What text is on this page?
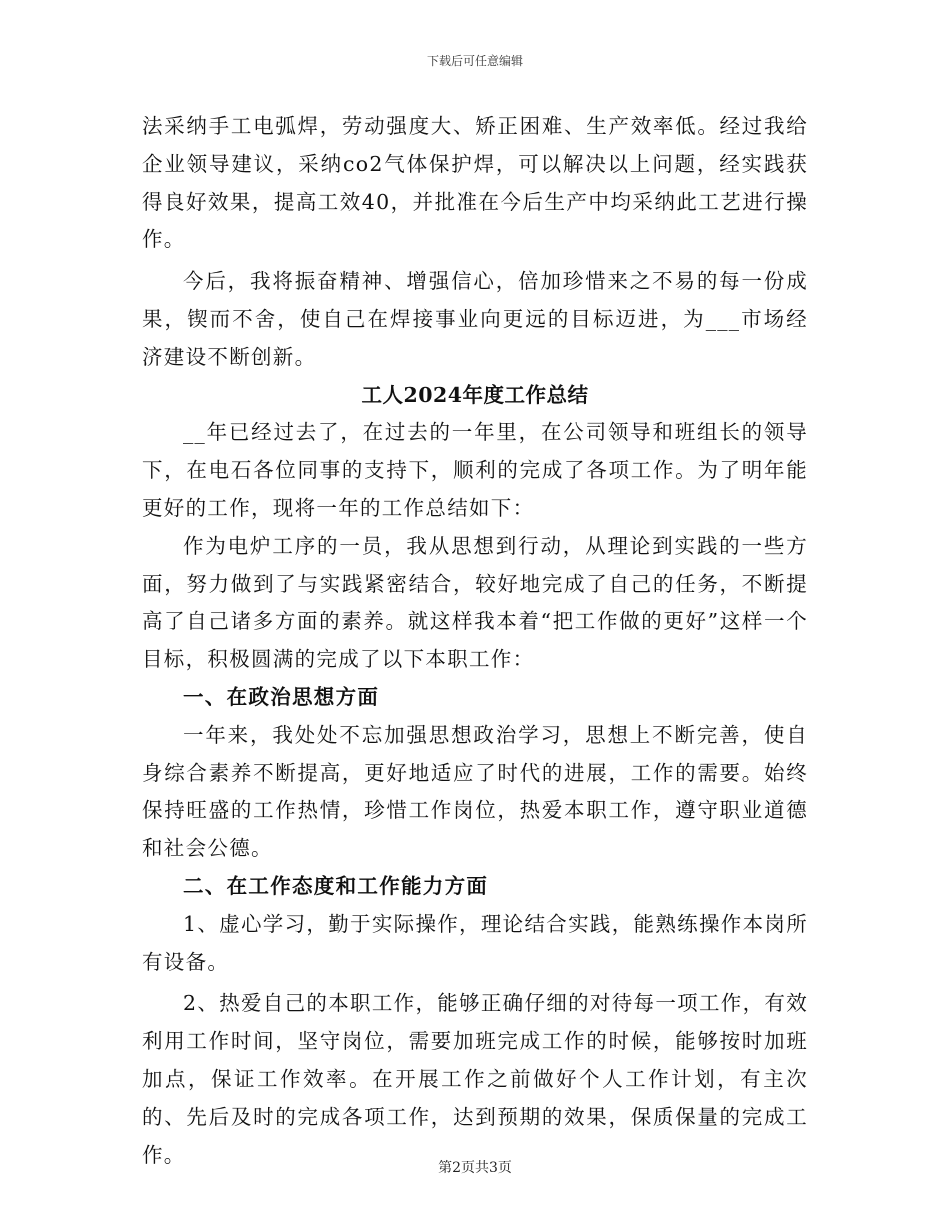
下载后可任意编辑

法采纳手工电弧焊，劳动强度大、矫正困难、生产效率低。经过我给企业领导建议，采纳co2气体保护焊，可以解决以上问题，经实践获得良好效果，提高工效40，并批准在今后生产中均采纳此工艺进行操作。

今后，我将振奋精神、增强信心，倍加珍惜来之不易的每一份成果，锲而不舍，使自己在焊接事业向更远的目标迈进，为___市场经济建设不断创新。

工人2024年度工作总结

__年已经过去了，在过去的一年里，在公司领导和班组长的领导下，在电石各位同事的支持下，顺利的完成了各项工作。为了明年能更好的工作，现将一年的工作总结如下：

作为电炉工序的一员，我从思想到行动，从理论到实践的一些方面，努力做到了与实践紧密结合，较好地完成了自己的任务，不断提高了自己诸多方面的素养。就这样我本着“把工作做的更好”这样一个目标，积极圆满的完成了以下本职工作：

一、在政治思想方面

一年来，我处处不忘加强思想政治学习，思想上不断完善，使自身综合素养不断提高，更好地适应了时代的进展，工作的需要。始终保持旺盛的工作热情，珍惜工作岗位，热爱本职工作，遵守职业道德和社会公德。

二、在工作态度和工作能力方面

1、虚心学习，勤于实际操作，理论结合实践，能熟练操作本岗所有设备。

2、热爱自己的本职工作，能够正确仔细的对待每一项工作，有效利用工作时间，坚守岗位，需要加班完成工作的时候，能够按时加班加点，保证工作效率。在开展工作之前做好个人工作计划，有主次的、先后及时的完成各项工作，达到预期的效果，保质保量的完成工作。

第2页共3页
